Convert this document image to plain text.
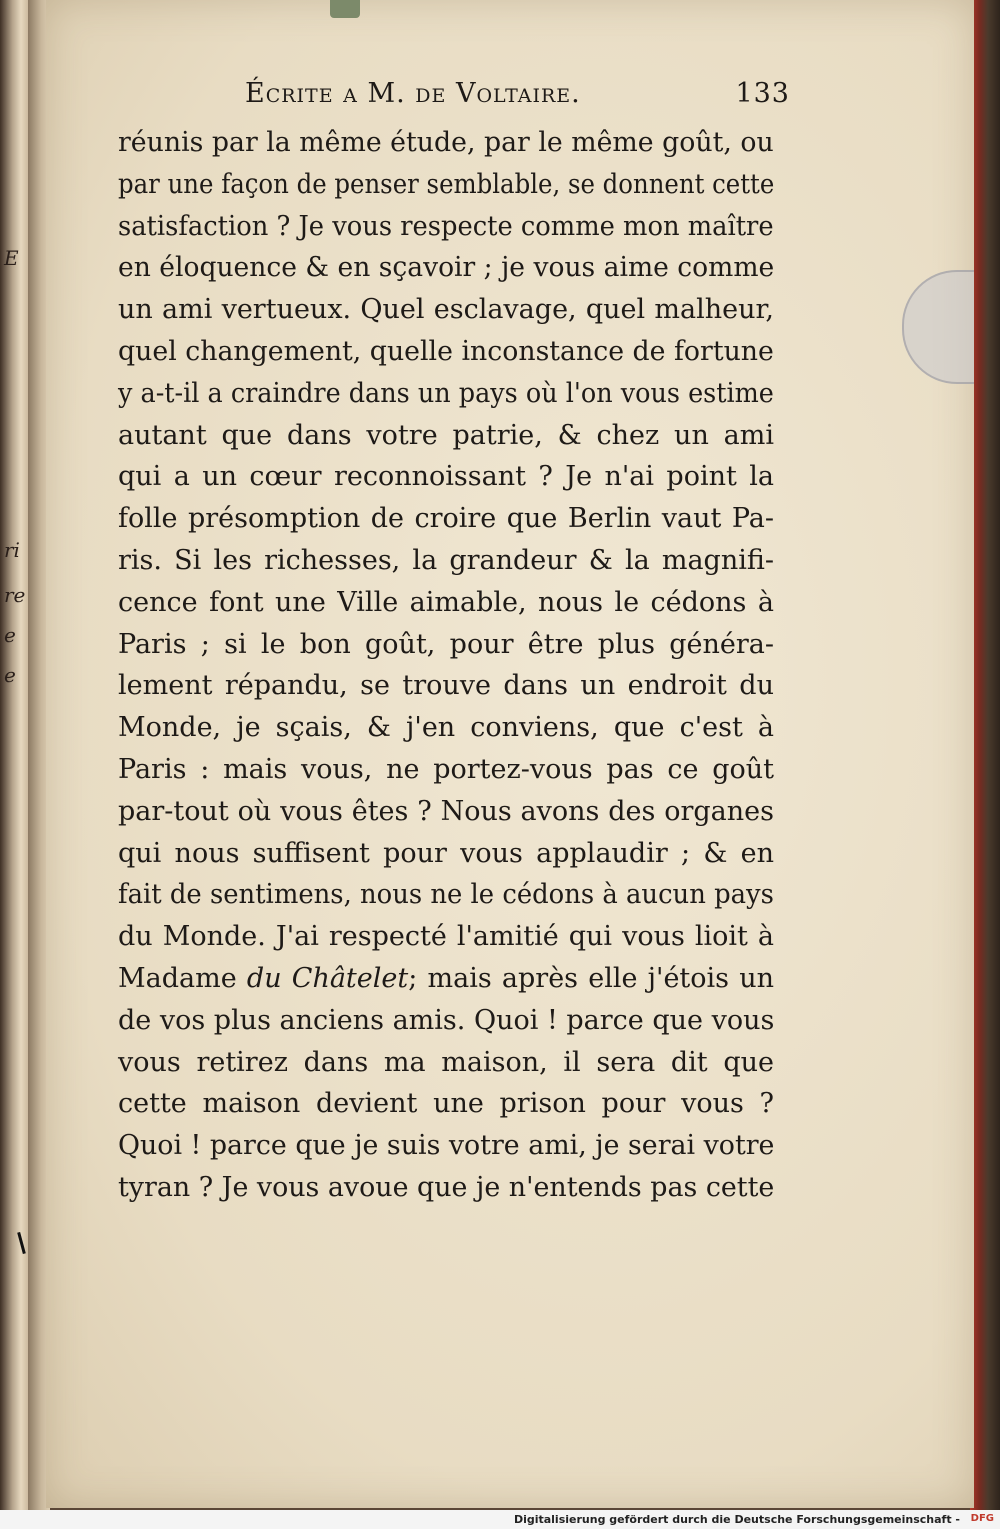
E
ri
re
e
e
Écrite a M. de Voltaire.	133
réunis par la même étude, par le même goût, ou
par une façon de penser semblable, se donnent cette
satisfaction ? Je vous respecte comme mon maître
en éloquence & en sçavoir ; je vous aime comme
un ami vertueux. Quel esclavage, quel malheur,
quel changement, quelle inconstance de fortune
y a-t-il a craindre dans un pays où l'on vous estime
autant que dans votre patrie, & chez un ami
qui a un cœur reconnoissant ? Je n'ai point la
folle présomption de croire que Berlin vaut Pa-
ris. Si les richesses, la grandeur & la magnifi-
cence font une Ville aimable, nous le cédons à
Paris ; si le bon goût, pour être plus généra-
lement répandu, se trouve dans un endroit du
Monde, je sçais, & j'en conviens, que c'est à
Paris : mais vous, ne portez-vous pas ce goût
par-tout où vous êtes ? Nous avons des organes
qui nous suffisent pour vous applaudir ; & en
fait de sentimens, nous ne le cédons à aucun pays
du Monde. J'ai respecté l'amitié qui vous lioit à
Madame du Châtelet; mais après elle j'étois un
de vos plus anciens amis. Quoi ! parce que vous
vous retirez dans ma maison, il sera dit que
cette maison devient une prison pour vous ?
Quoi ! parce que je suis votre ami, je serai votre
tyran ? Je vous avoue que je n'entends pas cette
Digitalisierung gefördert durch die Deutsche Forschungsgemeinschaft - DFG
